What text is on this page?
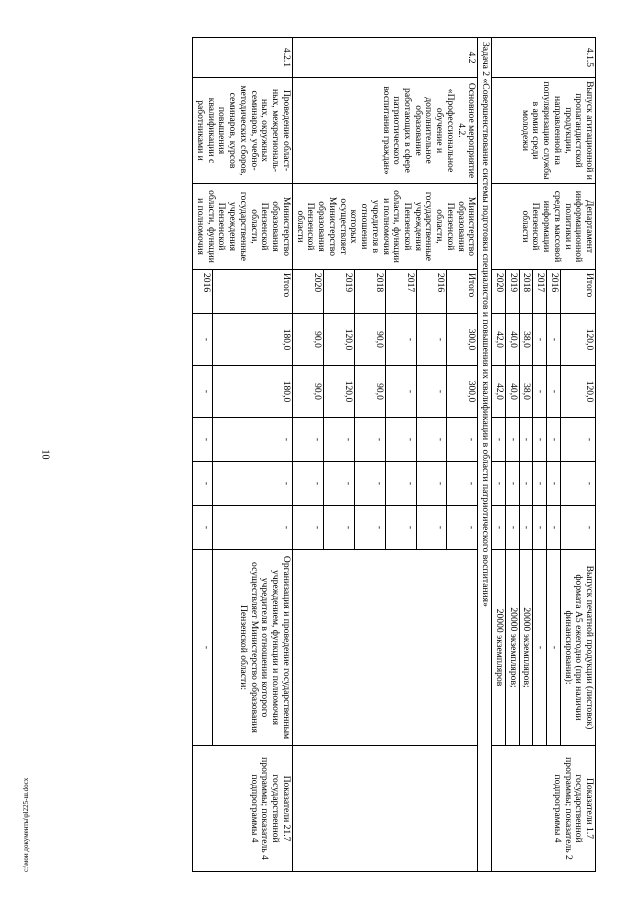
10
c:\мои документы\pl225-ш.docx
4.1.5	Выпуск агитационной и пропагандистской продукции, направленной на популяризацию службы в армии среди молодежи	Департамент информационной политики и средств массовой информации Пензенской области	Итого	120,0	120,0	-	-	-	Выпуск печатной продукции (листовок) формата А5 ежегодно (при наличии финансирования):	Показатели 1.7 государственной программы; показатель 2 подпрограммы 4
			2016	-	-	-	-	-	-	
			2017	-	-	-	-	-	-	
			2018	38,0	38,0	-	-	-	20000 экземпляров;	
			2019	40,0	40,0	-	-	-	20000 экземпляров;	
			2020	42,0	42,0	-	-	-	20000 экземпляров	
Задача 2 «Совершенствование системы подготовки специалистов и повышения их квалификации в области патриотического воспитания»										
4.2	Основное мероприятие 4.2. «Профессиональное обучение и дополнительное образование работающих в сфере патриотического воспитания граждан»	Министерство образования Пензенской области, государственные учреждения Пензенской области, функции и полномочия учредителя в отношении которых осуществляет Министерство образования Пензенской области	Итого	300,0	300,0	-	-	-		
			2016	-	-	-	-	-		
			2017	-	-	-	-	-		
			2018	90,0	90,0	-	-	-		
			2019	120,0	120,0	-	-	-		
			2020	90,0	90,0	-	-	-		
4.2.1	Проведение област-ных, межрегиональ-ных, окружных семинаров, учебно-методических сборов, семинаров, курсов повышения квалификации с работниками и	Министерство образования Пензенской области, государственные учреждения Пензенской области, функции и полномочия	Итого	180,0	180,0	-	-	-	Организация и проведение государственным учреждением, функции и полномочия учредителя в отношении которого осуществляет Министерство образования Пензенской области:	Показатели 21.7 государственной программы; показатель 4 подпрограммы 4
			2016	-	-	-	-	-	-	
